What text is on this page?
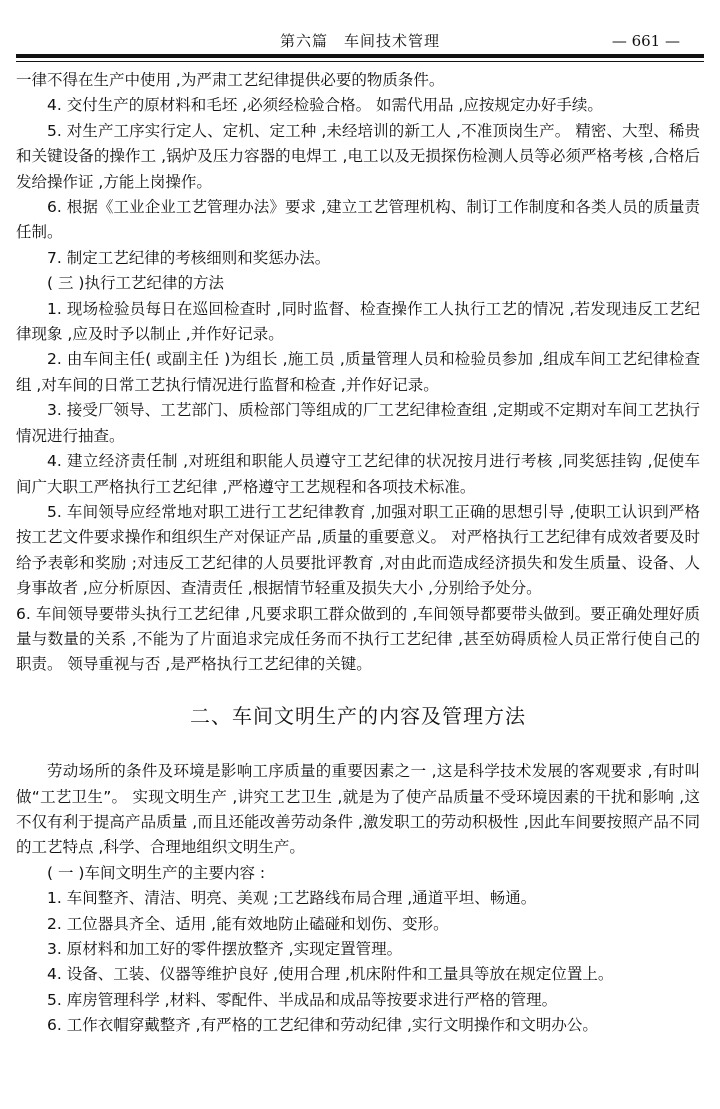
第六篇　车间技术管理	— 661 —

一律不得在生产中使用 ,为严肃工艺纪律提供必要的物质条件。

4. 交付生产的原材料和毛坯 ,必须经检验合格。 如需代用品 ,应按规定办好手续。

5. 对生产工序实行定人、定机、定工种 ,未经培训的新工人 ,不准顶岗生产。 精密、大型、稀贵和关键设备的操作工 ,锅炉及压力容器的电焊工 ,电工以及无损探伤检测人员等必须严格考核 ,合格后发给操作证 ,方能上岗操作。

6. 根据《工业企业工艺管理办法》要求 ,建立工艺管理机构、制订工作制度和各类人员的质量责任制。

7. 制定工艺纪律的考核细则和奖惩办法。

( 三 )执行工艺纪律的方法

1. 现场检验员每日在巡回检查时 ,同时监督、检查操作工人执行工艺的情况 ,若发现违反工艺纪律现象 ,应及时予以制止 ,并作好记录。

2. 由车间主任( 或副主任 )为组长 ,施工员 ,质量管理人员和检验员参加 ,组成车间工艺纪律检查组 ,对车间的日常工艺执行情况进行监督和检查 ,并作好记录。

3. 接受厂领导、工艺部门、质检部门等组成的厂工艺纪律检查组 ,定期或不定期对车间工艺执行情况进行抽查。

4. 建立经济责任制 ,对班组和职能人员遵守工艺纪律的状况按月进行考核 ,同奖惩挂钩 ,促使车间广大职工严格执行工艺纪律 ,严格遵守工艺规程和各项技术标准。

5. 车间领导应经常地对职工进行工艺纪律教育 ,加强对职工正确的思想引导 ,使职工认识到严格按工艺文件要求操作和组织生产对保证产品 ,质量的重要意义。 对严格执行工艺纪律有成效者要及时给予表彰和奖励 ;对违反工艺纪律的人员要批评教育 ,对由此而造成经济损失和发生质量、设备、人身事故者 ,应分析原因、查清责任 ,根据情节轻重及损失大小 ,分别给予处分。

6. 车间领导要带头执行工艺纪律 ,凡要求职工群众做到的 ,车间领导都要带头做到。要正确处理好质量与数量的关系 ,不能为了片面追求完成任务而不执行工艺纪律 ,甚至妨碍质检人员正常行使自己的职责。 领导重视与否 ,是严格执行工艺纪律的关键。

二、车间文明生产的内容及管理方法

劳动场所的条件及环境是影响工序质量的重要因素之一 ,这是科学技术发展的客观要求 ,有时叫做“工艺卫生”。 实现文明生产 ,讲究工艺卫生 ,就是为了使产品质量不受环境因素的干扰和影响 ,这不仅有利于提高产品质量 ,而且还能改善劳动条件 ,激发职工的劳动积极性 ,因此车间要按照产品不同的工艺特点 ,科学、合理地组织文明生产。

( 一 )车间文明生产的主要内容 :

1. 车间整齐、清洁、明亮、美观 ;工艺路线布局合理 ,通道平坦、畅通。

2. 工位器具齐全、适用 ,能有效地防止磕碰和划伤、变形。

3. 原材料和加工好的零件摆放整齐 ,实现定置管理。

4. 设备、工装、仪器等维护良好 ,使用合理 ,机床附件和工量具等放在规定位置上。

5. 库房管理科学 ,材料、零配件、半成品和成品等按要求进行严格的管理。

6. 工作衣帽穿戴整齐 ,有严格的工艺纪律和劳动纪律 ,实行文明操作和文明办公。
